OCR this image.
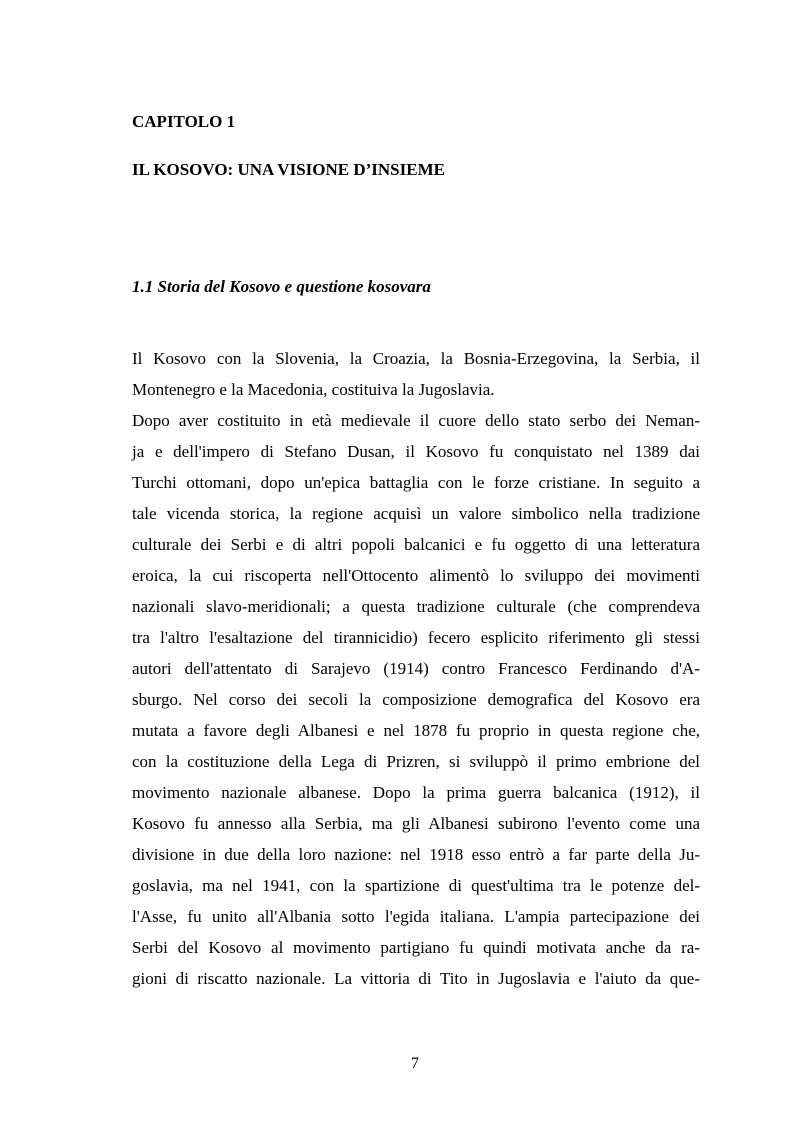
CAPITOLO 1
IL KOSOVO: UNA VISIONE D’INSIEME
1.1 Storia del Kosovo e questione kosovara
Il Kosovo con la Slovenia, la Croazia, la Bosnia-Erzegovina, la Serbia, il
Montenegro e la Macedonia, costituiva la Jugoslavia.
Dopo aver costituito in età medievale il cuore dello stato serbo dei Neman-
ja e dell'impero di Stefano Dusan, il Kosovo fu conquistato nel 1389 dai
Turchi ottomani, dopo un'epica battaglia con le forze cristiane. In seguito a
tale vicenda storica, la regione acquisì un valore simbolico nella tradizione
culturale dei Serbi e di altri popoli balcanici e fu oggetto di una letteratura
eroica, la cui riscoperta nell'Ottocento alimentò lo sviluppo dei movimenti
nazionali slavo-meridionali; a questa tradizione culturale (che comprendeva
tra l'altro l'esaltazione del tirannicidio) fecero esplicito riferimento gli stessi
autori dell'attentato di Sarajevo (1914) contro Francesco Ferdinando d'A-
sburgo. Nel corso dei secoli la composizione demografica del Kosovo era
mutata a favore degli Albanesi e nel 1878 fu proprio in questa regione che,
con la costituzione della Lega di Prizren, si sviluppò il primo embrione del
movimento nazionale albanese. Dopo la prima guerra balcanica (1912), il
Kosovo fu annesso alla Serbia, ma gli Albanesi subirono l'evento come una
divisione in due della loro nazione: nel 1918 esso entrò a far parte della Ju-
goslavia, ma nel 1941, con la spartizione di quest'ultima tra le potenze del-
l'Asse, fu unito all'Albania sotto l'egida italiana. L'ampia partecipazione dei
Serbi del Kosovo al movimento partigiano fu quindi motivata anche da ra-
gioni di riscatto nazionale. La vittoria di Tito in Jugoslavia e l'aiuto da que-
7
